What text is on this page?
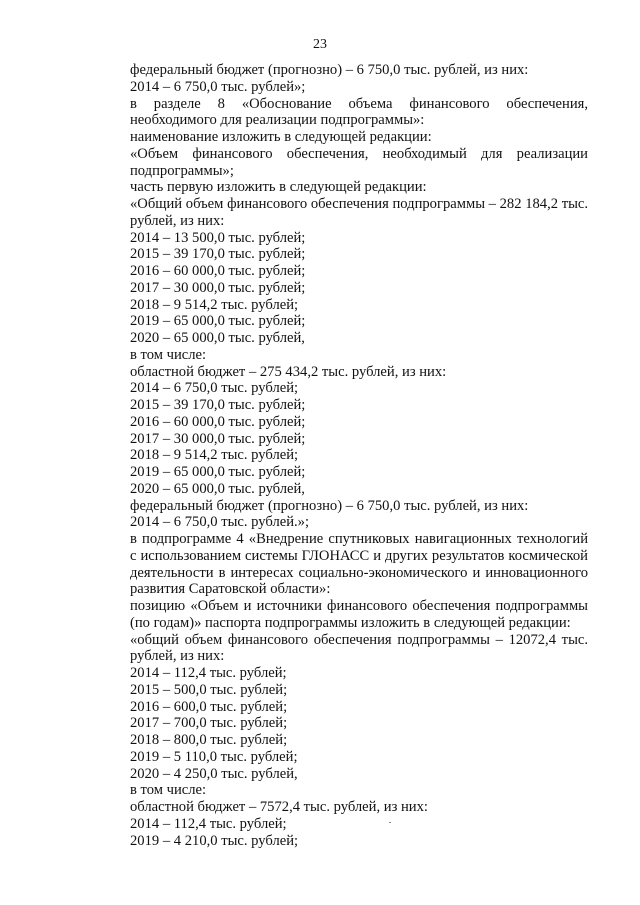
23

федеральный бюджет (прогнозно) – 6 750,0 тыс. рублей, из них:

2014 – 6 750,0 тыс. рублей»;

в разделе 8 «Обоснование объема финансового обеспечения, необходимого для реализации подпрограммы»:

наименование изложить в следующей редакции:

«Объем финансового обеспечения, необходимый для реализации подпрограммы»;

часть первую изложить в следующей редакции:

«Общий объем финансового обеспечения подпрограммы – 282 184,2 тыс. рублей, из них:

2014 – 13 500,0 тыс. рублей;

2015 – 39 170,0 тыс. рублей;

2016 – 60 000,0 тыс. рублей;

2017 – 30 000,0 тыс. рублей;

2018 – 9 514,2 тыс. рублей;

2019 – 65 000,0 тыс. рублей;

2020 – 65 000,0 тыс. рублей,

в том числе:

областной бюджет – 275 434,2 тыс. рублей, из них:

2014 – 6 750,0 тыс. рублей;

2015 – 39 170,0 тыс. рублей;

2016 – 60 000,0 тыс. рублей;

2017 – 30 000,0 тыс. рублей;

2018 – 9 514,2 тыс. рублей;

2019 – 65 000,0 тыс. рублей;

2020 – 65 000,0 тыс. рублей,

федеральный бюджет (прогнозно) – 6 750,0 тыс. рублей, из них:

2014 – 6 750,0 тыс. рублей.»;

в подпрограмме 4 «Внедрение спутниковых навигационных технологий с использованием системы ГЛОНАСС и других результатов космической деятельности в интересах социально-экономического и инновационного развития Саратовской области»:

позицию «Объем и источники финансового обеспечения подпрограммы (по годам)» паспорта подпрограммы изложить в следующей редакции:

«общий объем финансового обеспечения подпрограммы – 12072,4 тыс. рублей, из них:

2014 – 112,4 тыс. рублей;

2015 – 500,0 тыс. рублей;

2016 – 600,0 тыс. рублей;

2017 – 700,0 тыс. рублей;

2018 – 800,0 тыс. рублей;

2019 – 5 110,0 тыс. рублей;

2020 – 4 250,0 тыс. рублей,

в том числе:

областной бюджет – 7572,4 тыс. рублей, из них:

2014 – 112,4 тыс. рублей;

2019 – 4 210,0 тыс. рублей;
